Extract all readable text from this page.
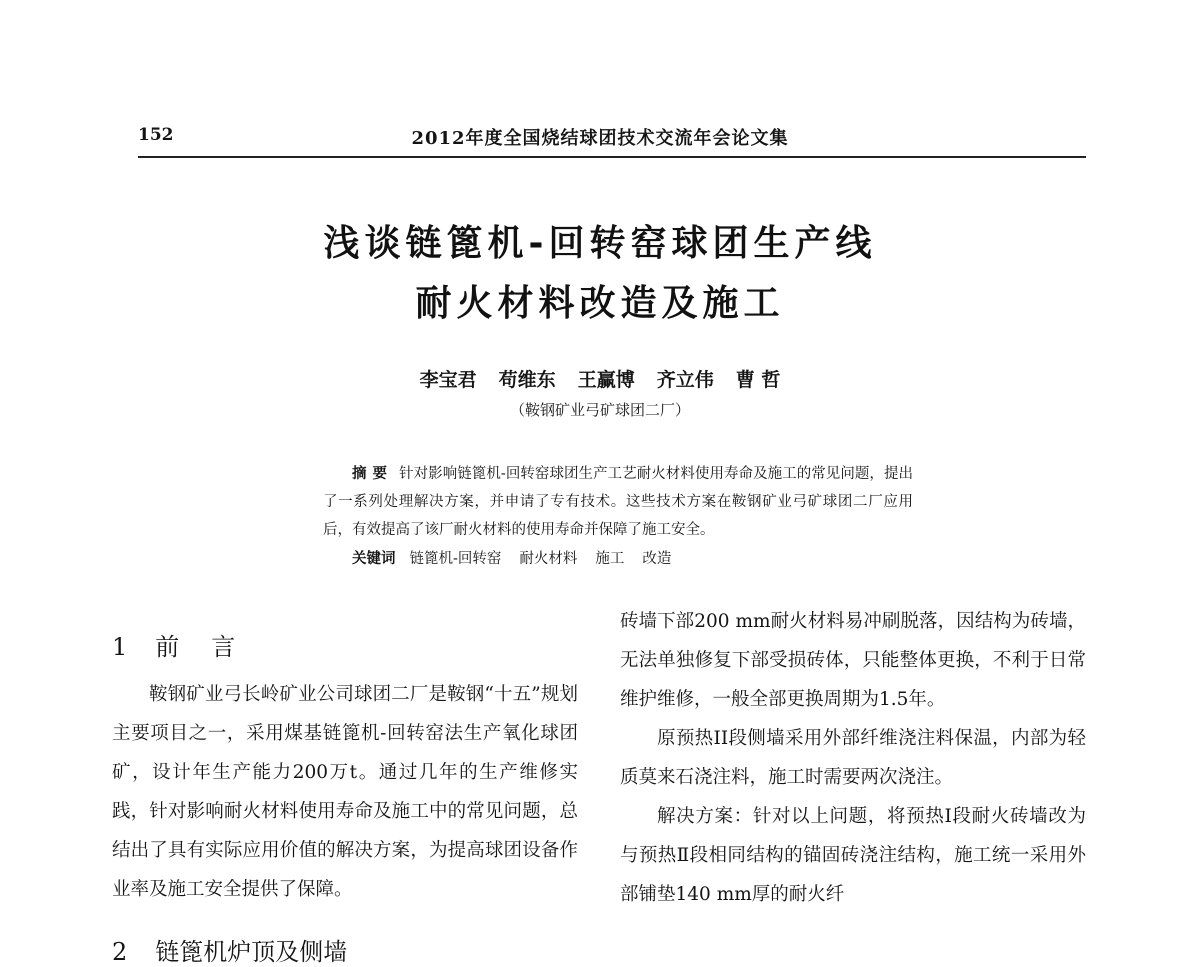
152	2012年度全国烧结球团技术交流年会论文集
浅谈链篦机-回转窑球团生产线
耐火材料改造及施工
李宝君 苟维东 王赢博 齐立伟 曹 哲
（鞍钢矿业弓矿球团二厂）
摘要 针对影响链篦机-回转窑球团生产工艺耐火材料使用寿命及施工的常见问题，提出了一系列处理解决方案，并申请了专有技术。这些技术方案在鞍钢矿业弓矿球团二厂应用后，有效提高了该厂耐火材料的使用寿命并保障了施工安全。
关键词 链篦机-回转窑 耐火材料 施工 改造
1 前 言

鞍钢矿业弓长岭矿业公司球团二厂是鞍钢“十五”规划主要项目之一，采用煤基链篦机-回转窑法生产氧化球团矿，设计年生产能力200万t。通过几年的生产维修实践，针对影响耐火材料使用寿命及施工中的常见问题，总结出了具有实际应用价值的解决方案，为提高球团设备作业率及施工安全提供了保障。

2 链篦机炉顶及侧墙

砖墙下部200 mm耐火材料易冲刷脱落，因结构为砖墙，无法单独修复下部受损砖体，只能整体更换，不利于日常维护维修，一般全部更换周期为1.5年。

原预热II段侧墙采用外部纤维浇注料保温，内部为轻质莫来石浇注料，施工时需要两次浇注。

解决方案：针对以上问题，将预热I段耐火砖墙改为与预热Ⅱ段相同结构的锚固砖浇注结构，施工统一采用外部铺垫140 mm厚的耐火纤
